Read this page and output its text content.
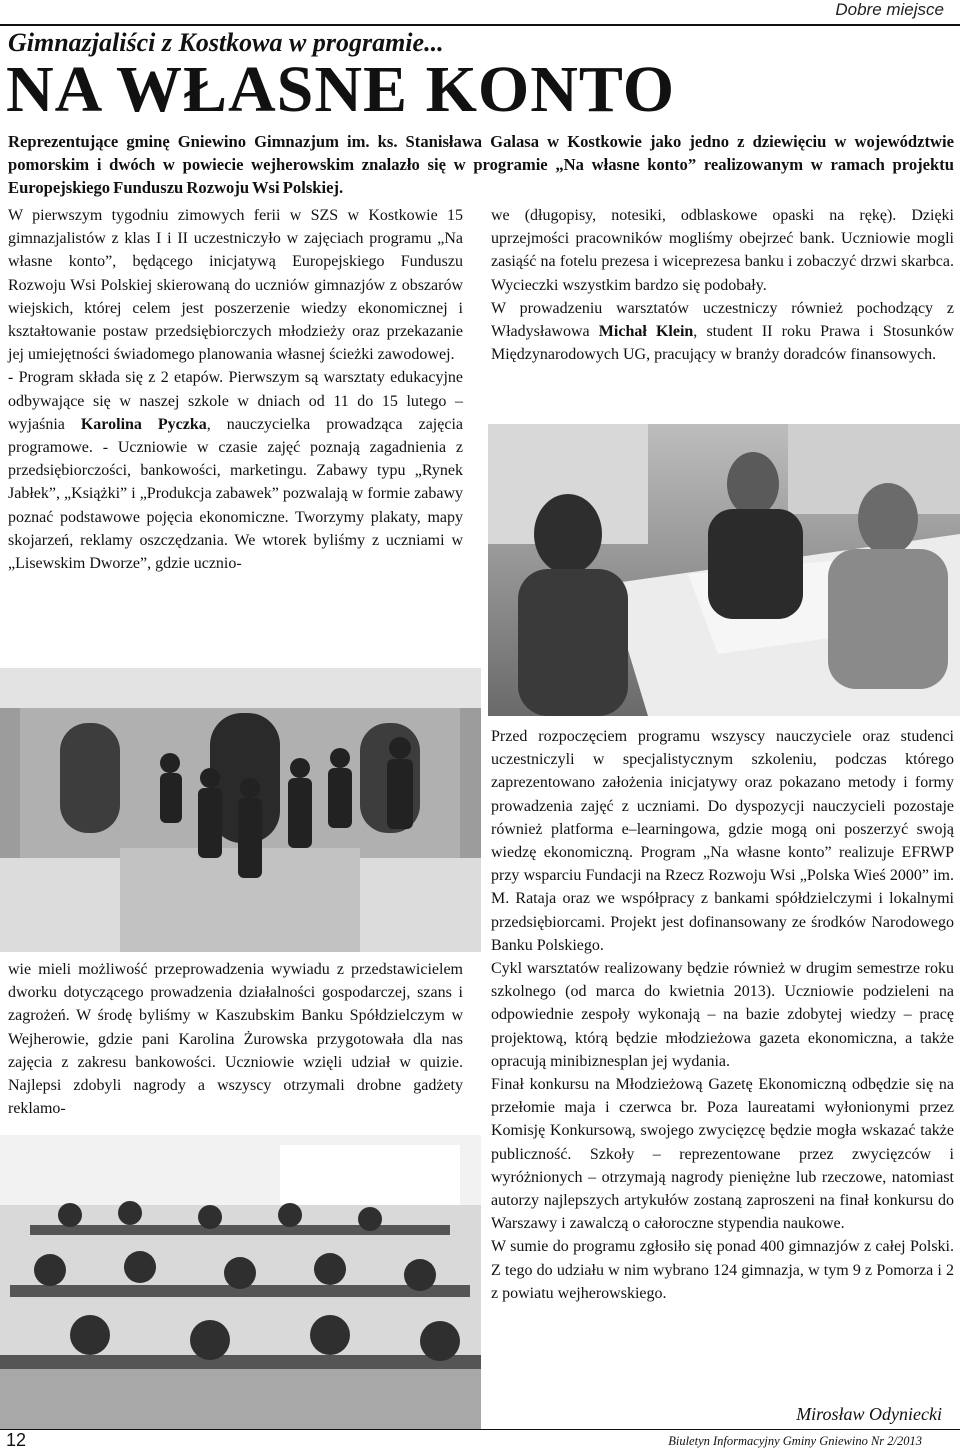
Dobre miejsce
Gimnazjaliści z Kostkowa w programie...
NA WŁASNE KONTO
Reprezentujące gminę Gniewino Gimnazjum im. ks. Stanisława Galasa w Kostkowie jako jedno z dziewięciu w województwie pomorskim i dwóch w powiecie wejherowskim znalazło się w programie „Na własne konto” realizowanym w ramach projektu Europejskiego Funduszu Rozwoju Wsi Polskiej.

W pierwszym tygodniu zimowych ferii w SZS w Kostkowie 15 gimnazjalistów z klas I i II uczestniczyło w zajęciach programu „Na własne konto”, będącego inicjatywą Europejskiego Funduszu Rozwoju Wsi Polskiej skierowaną do uczniów gimnazjów z obszarów wiejskich, której celem jest poszerzenie wiedzy ekonomicznej i kształtowanie postaw przedsiębiorczych młodzieży oraz przekazanie jej umiejętności świadomego planowania własnej ścieżki zawodowej.

- Program składa się z 2 etapów. Pierwszym są warsztaty edukacyjne odbywające się w naszej szkole w dniach od 11 do 15 lutego – wyjaśnia Karolina Pyczka, nauczycielka prowadząca zajęcia programowe. - Uczniowie w czasie zajęć poznają zagadnienia z przedsiębiorczości, bankowości, marketingu. Zabawy typu „Rynek Jabłek”, „Książki” i „Produkcja zabawek” pozwalają w formie zabawy poznać podstawowe pojęcia ekonomiczne. Tworzymy plakaty, mapy skojarzeń, reklamy oszczędzania. We wtorek byliśmy z uczniami w „Lisewskim Dworze”, gdzie ucznio-

we (długopisy, notesiki, odblaskowe opaski na rękę). Dzięki uprzejmości pracowników mogliśmy obejrzeć bank. Uczniowie mogli zasiąść na fotelu prezesa i wiceprezesa banku i zobaczyć drzwi skarbca. Wycieczki wszystkim bardzo się podobały.

W prowadzeniu warsztatów uczestniczy również pochodzący z Władysławowa Michał Klein, student II roku Prawa i Stosunków Międzynarodowych UG, pracujący w branży doradców finansowych.

wie mieli możliwość przeprowadzenia wywiadu z przedstawicielem dworku dotyczącego prowadzenia działalności gospodarczej, szans i zagrożeń. W środę byliśmy w Kaszubskim Banku Spółdzielczym w Wejherowie, gdzie pani Karolina Żurowska przygotowała dla nas zajęcia z zakresu bankowości. Uczniowie wzięli udział w quizie. Najlepsi zdobyli nagrody a wszyscy otrzymali drobne gadżety reklamo-

Przed rozpoczęciem programu wszyscy nauczyciele oraz studenci uczestniczyli w specjalistycznym szkoleniu, podczas którego zaprezentowano założenia inicjatywy oraz pokazano metody i formy prowadzenia zajęć z uczniami. Do dyspozycji nauczycieli pozostaje również platforma e–learningowa, gdzie mogą oni poszerzyć swoją wiedzę ekonomiczną. Program „Na własne konto” realizuje EFRWP przy wsparciu Fundacji na Rzecz Rozwoju Wsi „Polska Wieś 2000” im. M. Rataja oraz we współpracy z bankami spółdzielczymi i lokalnymi przedsiębiorcami. Projekt jest dofinansowany ze środków Narodowego Banku Polskiego.

Cykl warsztatów realizowany będzie również w drugim semestrze roku szkolnego (od marca do kwietnia 2013). Uczniowie podzieleni na odpowiednie zespoły wykonają – na bazie zdobytej wiedzy – pracę projektową, którą będzie młodzieżowa gazeta ekonomiczna, a także opracują minibiznesplan jej wydania.

Finał konkursu na Młodzieżową Gazetę Ekonomiczną odbędzie się na przełomie maja i czerwca br. Poza laureatami wyłonionymi przez Komisję Konkursową, swojego zwycięzcę będzie mogła wskazać także publiczność. Szkoły – reprezentowane przez zwycięzców i wyróżnionych – otrzymają nagrody pieniężne lub rzeczowe, natomiast autorzy najlepszych artykułów zostaną zaproszeni na finał konkursu do Warszawy i zawalczą o całoroczne stypendia naukowe.

W sumie do programu zgłosiło się ponad 400 gimnazjów z całej Polski. Z tego do udziału w nim wybrano 124 gimnazja, w tym 9 z Pomorza i 2 z powiatu wejherowskiego.

Mirosław Odyniecki
12	Biuletyn Informacyjny Gminy Gniewino Nr 2/2013
